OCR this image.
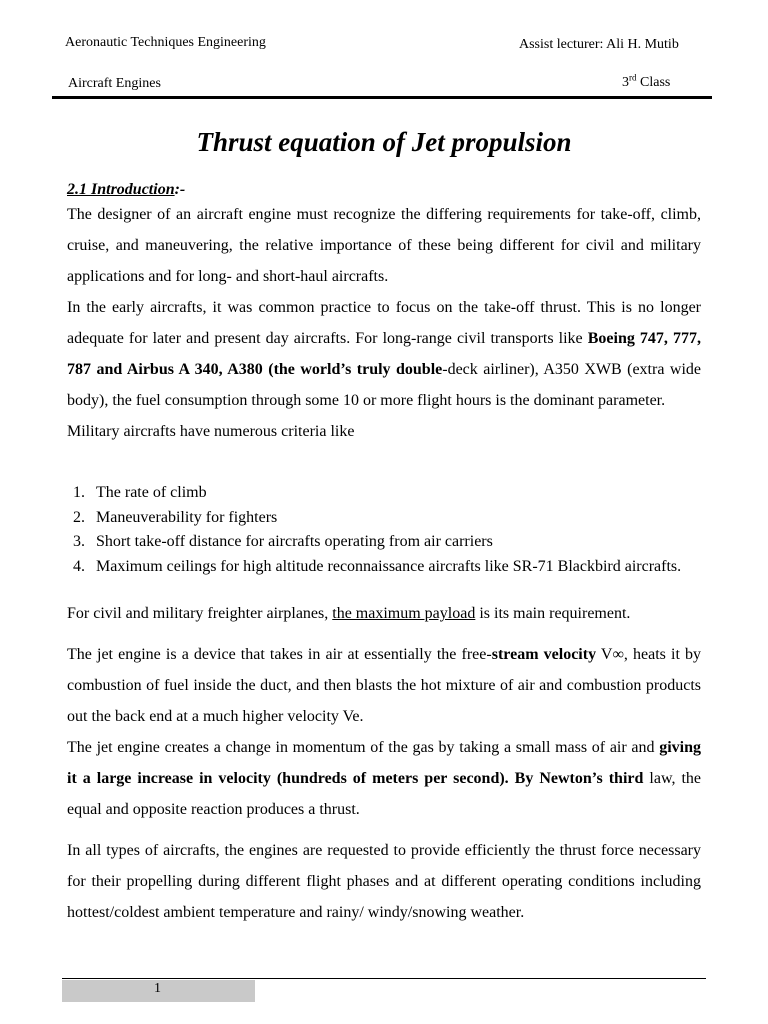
Aeronautic Techniques Engineering	Assist lecturer: Ali H. Mutib
Aircraft Engines	3rd Class
Thrust equation of Jet propulsion
2.1 Introduction:-

The designer of an aircraft engine must recognize the differing requirements for take-off, climb, cruise, and maneuvering, the relative importance of these being different for civil and military applications and for long- and short-haul aircrafts.

In the early aircrafts, it was common practice to focus on the take-off thrust. This is no longer adequate for later and present day aircrafts. For long-range civil transports like Boeing 747, 777, 787 and Airbus A 340, A380 (the world’s truly double-deck airliner), A350 XWB (extra wide body), the fuel consumption through some 10 or more flight hours is the dominant parameter.

Military aircrafts have numerous criteria like

1. The rate of climb
2. Maneuverability for fighters
3. Short take-off distance for aircrafts operating from air carriers
4. Maximum ceilings for high altitude reconnaissance aircrafts like SR-71 Blackbird aircrafts.

For civil and military freighter airplanes, the maximum payload is its main requirement.

The jet engine is a device that takes in air at essentially the free-stream velocity V∞, heats it by combustion of fuel inside the duct, and then blasts the hot mixture of air and combustion products out the back end at a much higher velocity Ve.

The jet engine creates a change in momentum of the gas by taking a small mass of air and giving it a large increase in velocity (hundreds of meters per second). By Newton’s third law, the equal and opposite reaction produces a thrust.

In all types of aircrafts, the engines are requested to provide efficiently the thrust force necessary for their propelling during different flight phases and at different operating conditions including hottest/coldest ambient temperature and rainy/ windy/snowing weather.

1
